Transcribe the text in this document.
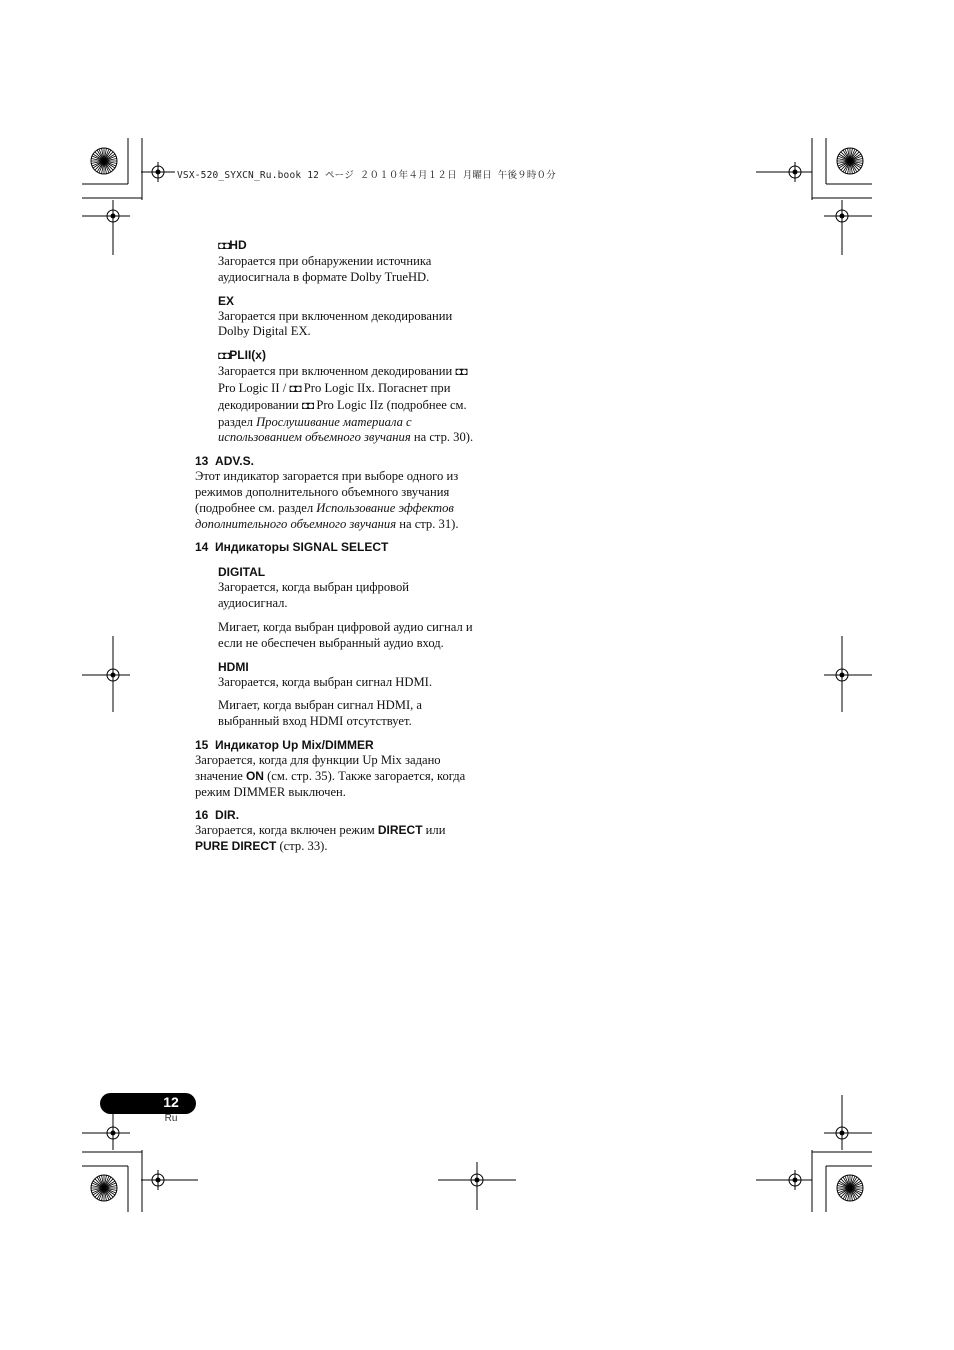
VSX-520_SYXCN_Ru.book 12 ページ ２０１０年４月１２日 月曜日 午後９時０分

◘◘HD

Загорается при обнаружении источника аудиосигнала в формате Dolby TrueHD.

EX

Загорается при включенном декодировании Dolby Digital EX.

◘◘PLII(x)

Загорается при включенном декодировании ◘◘ Pro Logic II / ◘◘ Pro Logic IIx. Погаснет при декодировании ◘◘ Pro Logic IIz (подробнее см. раздел Прослушивание материала с использованием объемного звучания на стр. 30).

13 ADV.S.

Этот индикатор загорается при выборе одного из режимов дополнительного объемного звучания (подробнее см. раздел Использование эффектов дополнительного объемного звучания на стр. 31).

14 Индикаторы SIGNAL SELECT

DIGITAL

Загорается, когда выбран цифровой аудиосигнал.

Мигает, когда выбран цифровой аудио сигнал и если не обеспечен выбранный аудио вход.

HDMI

Загорается, когда выбран сигнал HDMI.

Мигает, когда выбран сигнал HDMI, а выбранный вход HDMI отсутствует.

15 Индикатор Up Mix/DIMMER

Загорается, когда для функции Up Mix задано значение ON (см. стр. 35). Также загорается, когда режим DIMMER выключен.

16 DIR.

Загорается, когда включен режим DIRECT или PURE DIRECT (стр. 33).

12
Ru
